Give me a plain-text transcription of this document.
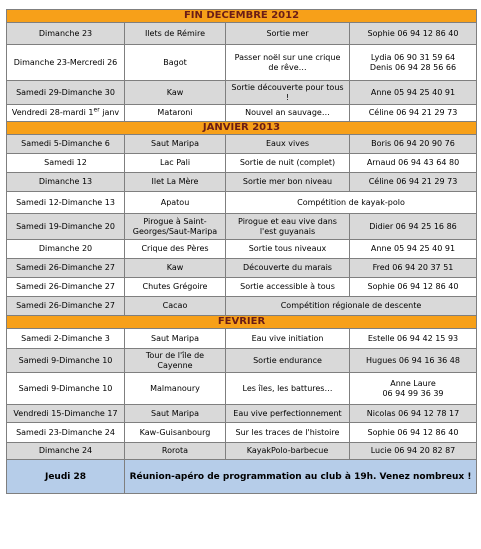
FIN DECEMBRE 2012			
Dimanche 23	Ilets de Rémire	Sortie mer	Sophie 06 94 12 86 40

Dimanche 23-Mercredi 26	Bagot	Passer noël sur une crique de rêve…	Lydia 06 90 31 59 64
Denis 06 94 28 56 66

Samedi 29-Dimanche 30	Kaw	Sortie découverte pour tous !	Anne 05 94 25 40 91

Vendredi 28-mardi 1er janv	Mataroni	Nouvel an sauvage…	Céline 06 94 21 29 73

JANVIER 2013			
Samedi 5-Dimanche 6	Saut Maripa	Eaux vives	Boris 06 94 20 90 76

Samedi 12	Lac Pali	Sortie de nuit (complet)	Arnaud 06 94 43 64 80

Dimanche 13	Ilet La Mère	Sortie mer bon niveau	Céline 06 94 21 29 73

Samedi 12-Dimanche 13	Apatou	Compétition de kayak-polo	
Samedi 19-Dimanche 20	Pirogue à Saint-Georges/Saut-Maripa	Pirogue et eau vive dans l'est guyanais	Didier 06 94 25 16 86

Dimanche 20	Crique des Pères	Sortie tous niveaux	Anne 05 94 25 40 91

Samedi 26-Dimanche 27	Kaw	Découverte du marais	Fred 06 94 20 37 51

Samedi 26-Dimanche 27	Chutes Grégoire	Sortie accessible à tous	Sophie 06 94 12 86 40

Samedi 26-Dimanche 27	Cacao	Compétition régionale de descente	
FEVRIER			
Samedi 2-Dimanche 3	Saut Maripa	Eau vive initiation	Estelle 06 94 42 15 93

Samedi 9-Dimanche 10	Tour de l'île de Cayenne	Sortie endurance	Hugues 06 94 16 36 48

Samedi 9-Dimanche 10	Malmanoury	Les îles, les battures…	Anne Laure
06 94 99 36 39

Vendredi 15-Dimanche 17	Saut Maripa	Eau vive perfectionnement	Nicolas 06 94 12 78 17

Samedi 23-Dimanche 24	Kaw-Guisanbourg	Sur les traces de l'histoire	Sophie 06 94 12 86 40

Dimanche 24	Rorota	KayakPolo-barbecue	Lucie 06 94 20 82 87

Jeudi 28	Réunion-apéro de programmation au club à 19h. Venez nombreux !		
